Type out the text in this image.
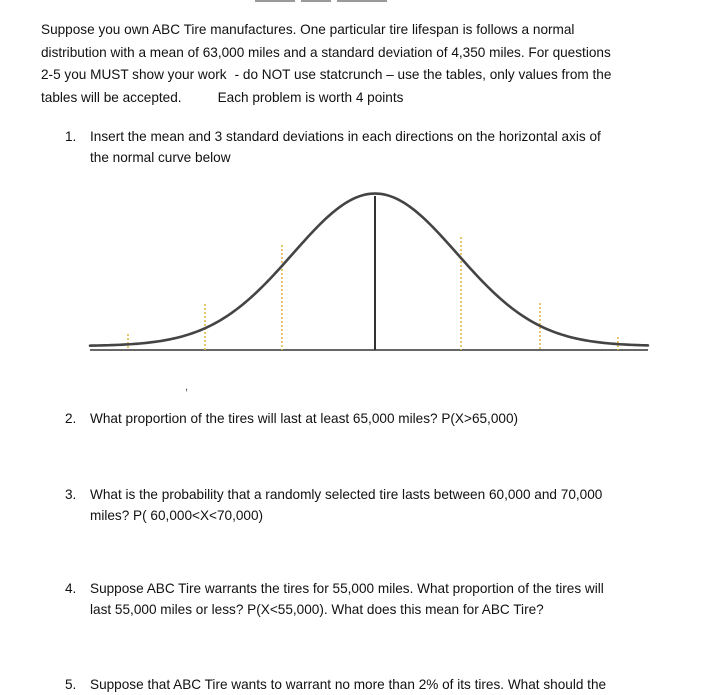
Suppose you own ABC Tire manufactures. One particular tire lifespan is follows a normal
distribution with a mean of 63,000 miles and a standard deviation of 4,350 miles. For questions
2-5 you MUST show your work - do NOT use statcrunch – use the tables, only values from the
tables will be accepted.	Each problem is worth 4 points

1. Insert the mean and 3 standard deviations in each directions on the horizontal axis of
the normal curve below
,
2. What proportion of the tires will last at least 65,000 miles? P(X>65,000)
3. What is the probability that a randomly selected tire lasts between 60,000 and 70,000
miles? P( 60,000<X<70,000)
4. Suppose ABC Tire warrants the tires for 55,000 miles. What proportion of the tires will
last 55,000 miles or less? P(X<55,000). What does this mean for ABC Tire?
5. Suppose that ABC Tire wants to warrant no more than 2% of its tires. What should the
